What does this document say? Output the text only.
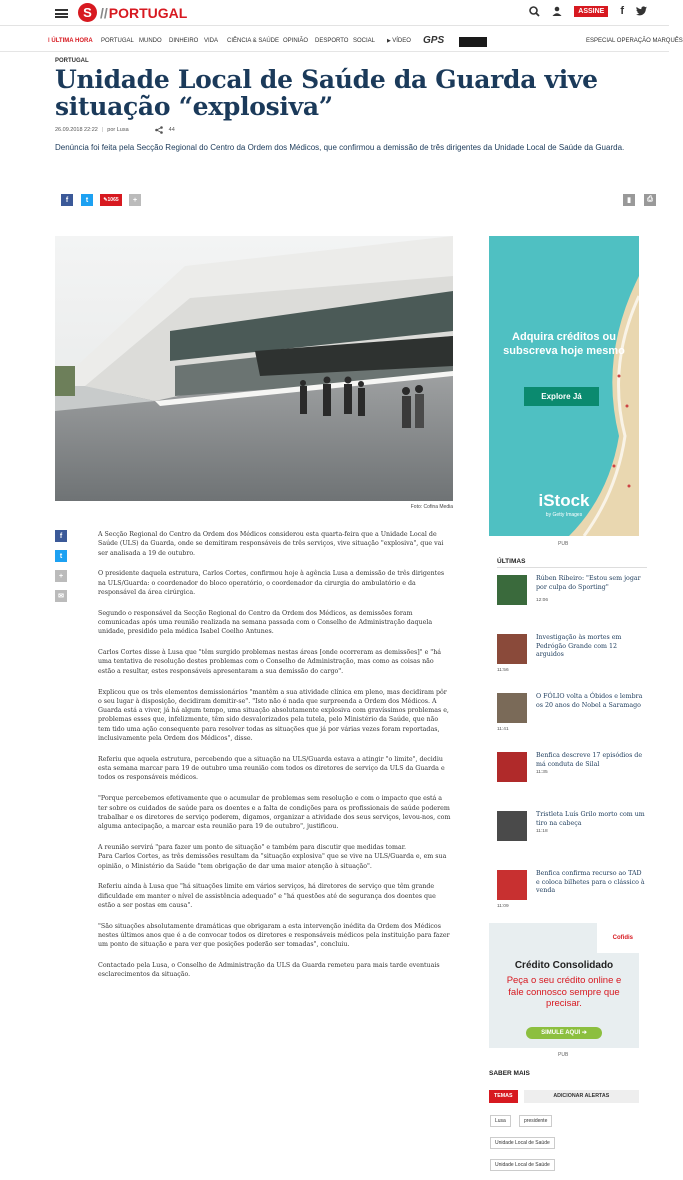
S //PORTUGAL	ASSINE	f
ǀ ÚLTIMA HORA PORTUGAL MUNDO DINHEIRO VIDA CIÊNCIA & SAÚDE OPINIÃO DESPORTO SOCIAL ▶ VÍDEO GPS	ESPECIAL OPERAÇÃO MARQUÊS
PORTUGAL
Unidade Local de Saúde da Guarda vive situação “explosiva”
26.09.2018 22:22 | por Lusa	44

Denúncia foi feita pela Secção Regional do Centro da Ordem dos Médicos, que confirmou a demissão de três dirigentes da Unidade Local de Saúde da Guarda.

f	t	✎ 1065	+	▮	⎙
Foto: Cofina Media
f t + ✉

A Secção Regional do Centro da Ordem dos Médicos considerou esta quarta-feira que a Unidade Local de Saúde (ULS) da Guarda, onde se demitiram responsáveis de três serviços, vive situação "explosiva", que vai ser analisada a 19 de outubro.

O presidente daquela estrutura, Carlos Cortes, confirmou hoje à agência Lusa a demissão de três dirigentes na ULS/Guarda: o coordenador do bloco operatório, o coordenador da cirurgia do ambulatório e da responsável da área cirúrgica.

Segundo o responsável da Secção Regional do Centro da Ordem dos Médicos, as demissões foram comunicadas após uma reunião realizada na semana passada com o Conselho de Administração daquela unidade, presidido pela médica Isabel Coelho Antunes.

Carlos Cortes disse à Lusa que "têm surgido problemas nestas áreas [onde ocorreram as demissões]" e "há uma tentativa de resolução destes problemas com o Conselho de Administração, mas como as coisas não estão a resultar, estes responsáveis apresentaram a sua demissão do cargo".

Explicou que os três elementos demissionários "mantêm a sua atividade clínica em pleno, mas decidiram pôr o seu lugar à disposição, decidiram demitir-se". "Isto não é nada que surpreenda a Ordem dos Médicos. A Guarda está a viver, já há algum tempo, uma situação absolutamente explosiva com gravíssimos problemas e, problemas esses que, infelizmente, têm sido desvalorizados pela tutela, pelo Ministério da Saúde, que não tem tido uma ação consequente para resolver todas as situações que já por várias vezes foram reportadas, inclusivamente pela Ordem dos Médicos", disse.

Referiu que aquela estrutura, percebendo que a situação na ULS/Guarda estava a atingir "o limite", decidiu esta semana marcar para 19 de outubro uma reunião com todos os diretores de serviço da ULS da Guarda e todos os responsáveis médicos.

"Porque percebemos efetivamente que o acumular de problemas sem resolução e com o impacto que está a ter sobre os cuidados de saúde para os doentes e a falta de condições para os profissionais de saúde poderem trabalhar e os diretores de serviço poderem, digamos, organizar a atividade dos seus serviços, levou-nos, com alguma antecipação, a marcar esta reunião para 19 de outubro", justificou.

A reunião servirá "para fazer um ponto de situação" e também para discutir que medidas tomar.
Para Carlos Cortes, as três demissões resultam da "situação explosiva" que se vive na ULS/Guarda e, em sua opinião, o Ministério da Saúde "tem obrigação de dar uma maior atenção à situação".

Referiu ainda à Lusa que "há situações limite em vários serviços, há diretores de serviço que têm grande dificuldade em manter o nível de assistência adequado" e "há questões até de segurança dos doentes que estão a ser postas em causa".

"São situações absolutamente dramáticas que obrigaram a esta intervenção inédita da Ordem dos Médicos nestes últimos anos que é a de convocar todos os diretores e responsáveis médicos pela instituição para fazer um ponto de situação e para ver que posições poderão ser tomadas", concluiu.

Contactado pela Lusa, o Conselho de Administração da ULS da Guarda remeteu para mais tarde eventuais esclarecimentos da situação.

Adquira créditos ou subscreva hoje mesmo
Explore Já
iStock
by Getty Images
PUB
ÚLTIMAS
Rúben Ribeiro: "Estou sem jogar por culpa do Sporting"
12:06
Investigação às mortes em Pedrógão Grande com 12 arguidos
11:56
O FÓLIO volta a Óbidos e lembra os 20 anos do Nobel a Saramago
11:41
Benfica descreve 17 episódios de má conduta de Silal
11:35
Tristleta Luís Grilo morto com um tiro na cabeça
11:18
Benfica confirma recurso ao TAD e coloca bilhetes para o clássico à venda
11:09
Cofidis
Crédito Consolidado
Peça o seu crédito online e fale connosco sempre que precisar.
SIMULE AQUI ➔
PUB
SABER MAIS
TEMAS	ADICIONAR ALERTAS
Lusa	presidente
Unidade Local de Saúde
Unidade Local de Saúde
